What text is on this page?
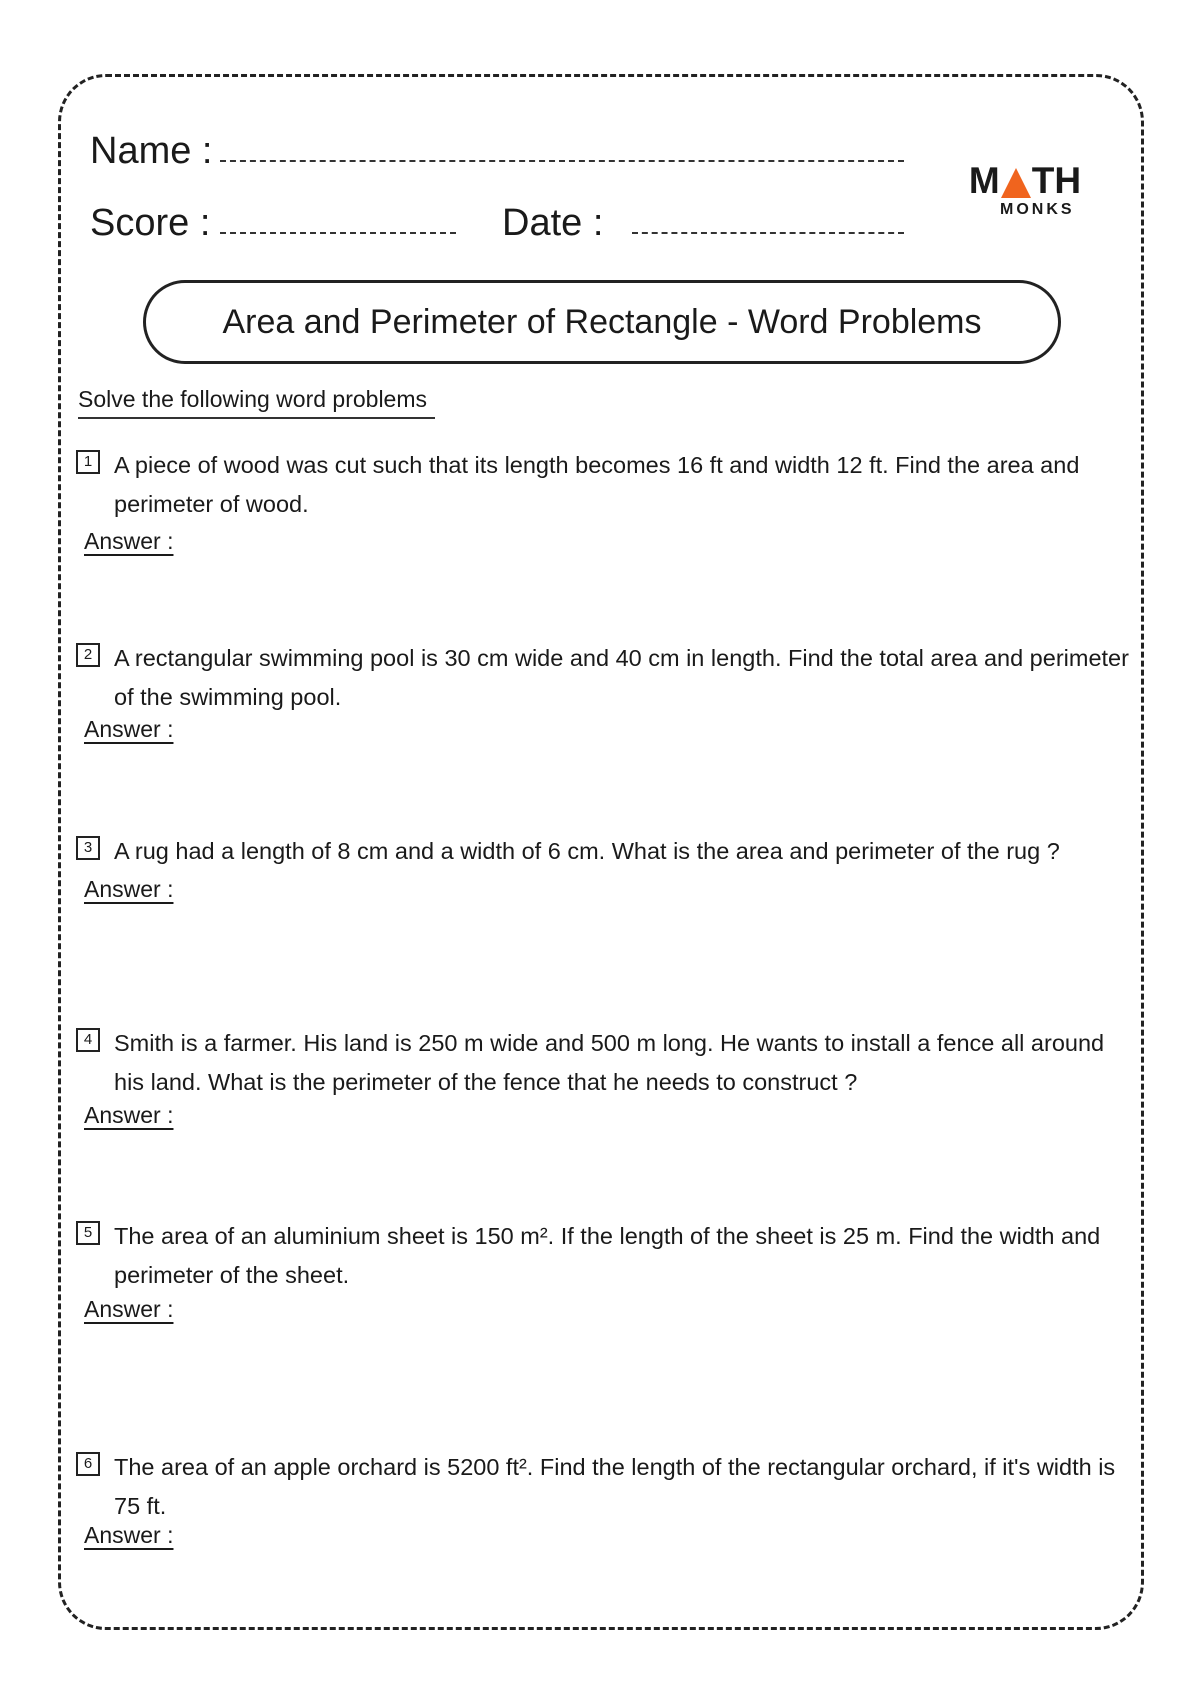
Name :
Score :	Date :
M TH
MONKS
Area and Perimeter of Rectangle - Word Problems
Solve the following word problems
1 A piece of wood was cut such that its length becomes 16 ft and width 12 ft. Find the area and perimeter of wood.
Answer :
2 A rectangular swimming pool is 30 cm wide and 40 cm in length. Find the total area and perimeter of the swimming pool.
Answer :
3 A rug had a length of 8 cm and a width of 6 cm. What is the area and perimeter of the rug ?
Answer :
4 Smith is a farmer. His land is 250 m wide and 500 m long. He wants to install a fence all around his land. What is the perimeter of the fence that he needs to construct ?
Answer :
5 The area of an aluminium sheet is 150 m². If the length of the sheet is 25 m. Find the width and perimeter of the sheet.
Answer :
6 The area of an apple orchard is 5200 ft². Find the length of the rectangular orchard, if it's width is 75 ft.
Answer :
